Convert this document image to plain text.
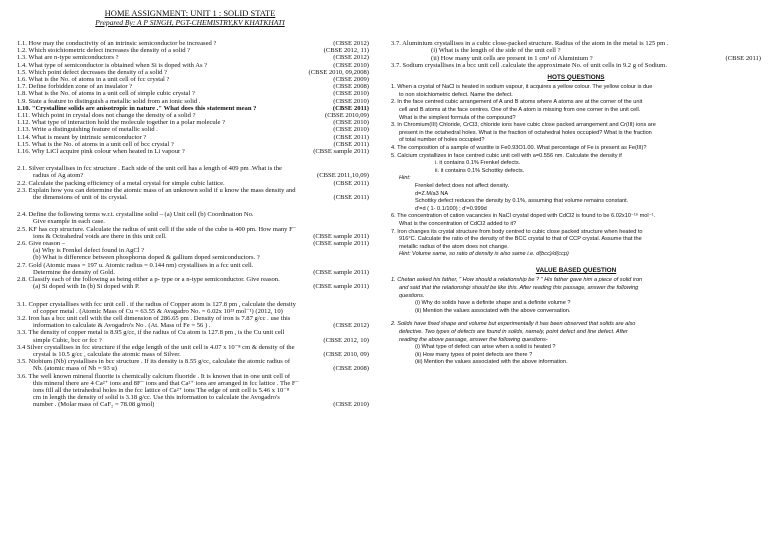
HOME ASSIGNMENT: UNIT 1 : SOLID STATE
Prepared By: A P SINGH, PGT-CHEMISTRY,KV KHATKHATI
1.1. How may the conductivity of an intrinsic semiconductor be increased ?	(CBSE 2012)
1.2. Which stoichiometric defect increases the density of a solid ?	(CBSE 2012, 11)
1.3. What are n-type semiconductors ?	(CBSE 2012)
1.4. What type of semiconductor is obtained when Si is doped with As ?	(CBSE 2010)
1.5. Which point defect decreases the density of a solid ?	(CBSE 2010, 09,2008)
1.6. What is the No. of atoms in a unit cell of fcc crystal ?	(CBSE 2009)
1.7. Define forbidden zone of an insulator ?	(CBSE 2008)
1.8. What is the No. of atoms in a unit cell of simple cubic crystal ?	(CBSE 2010)
1.9. State a feature to distinguish a metallic solid from an ionic solid .	(CBSE 2010)
1.10. "Crystalline solids are anisotropic in nature ." What does this statement mean ?	(CBSE 2011)
1.11. Which point in crystal does not change the density of a solid ?	(CBSE 2010,09)
1.12. What type of interaction hold the molecule together in a polar molecule ?	(CBSE 2010)
1.13. Write a distinguishing feature of metallic solid .	(CBSE 2010)
1.14. What is meant by intrinsic semiconductor ?	(CBSE 2011)
1.15. What is the No. of atoms in a unit cell of bcc crystal ?	(CBSE 2011)
1.16. Why LiCl acquire pink colour when heated in Li vapour ?	(CBSE sample 2011)
2.1. Silver crystallises in fcc structure . Each side of the unit cell has a length of 409 pm .What is the
radius of Ag atom?	(CBSE 2011,10,09)
2.2. Calculate the packing efficiency of a metal crystal for simple cubic lattice.	(CBSE 2011)
2.3. Explain how you can determine the atomic mass of an unknown solid if u know the mass density and
the dimensions of unit of its crystal.	(CBSE 2011)
2.4. Define the following terms w.r.t. crystalline solid – (a) Unit cell (b) Coordination No.
Give example in each case.
2.5. KF has ccp structure. Calculate the radius of unit cell if the side of the cube is 400 pm. How many F⁻
ions & Octrahedral voids are there in this unit cell.	(CBSE sample 2011)
2.6. Give reason –	(CBSE sample 2011)
(a) Why is Frenkel defect found in AgCl ?
(b) What is difference between phosphorus doped & gallium doped semiconductors. ?
2.7. Gold (Atomic mass = 197 u. Atomic radius = 0.144 nm) crystallises in a fcc unit cell.
Determine the density of Gold.	(CBSE sample 2011)
2.8. Classify each of the following as being either a p- type or a n-type semiconductor. Give reason.
(a) Si doped with In (b) Si doped with P.	(CBSE sample 2011)
3.1. Copper crystallises with fcc unit cell . if the radius of Copper atom is 127.8 pm , calculate the density
of copper metal . (Atomic Mass of Cu = 63.55 & Avagadro No. = 6.02x 10²³ mol⁻¹) (2012, 10)
3.2. Iron has a bcc unit cell with the cell dimension of 286.65 pm . Density of iron is 7.87 g/cc . use this
information to calculate & Avogadro's No . (At. Mass of Fe = 56 ) .	(CBSE 2012)
3.3. The density of copper metal is 8.95 g/cc, if the radius of Cu atom is 127.8 pm , is the Cu unit cell
simple Cubic, bcc or fcc ?	(CBSE 2012, 10)
3.4 Silver crystallises in fcc structure if the edge length of the unit cell is 4.07 x 10⁻⁸ cm & density of the
crystal is 10.5 g/cc , calculate the atomic mass of Silver.	(CBSE 2010, 09)
3.5. Niobium (Nb) crystallises in bcc structure . If its density is 8.55 g/cc, calculate the atomic radius of
Nb. (atomic mass of Nb = 93 u)	(CBSE 2008)
3.6. The well known mineral fluorite is chemically calcium fluoride . It is known that in one unit cell of
this mineral there are 4 Ca²⁺ ions and 8F⁻ ions and that Ca²⁺ ions are arranged in fcc lattice . The F⁻
ions fill all the tetrahedral holes in the fcc lattice of Ca²⁺ ions The edge of unit cell is 5.46 x 10⁻⁸
cm in length the density of solid is 3.18 g/cc. Use this information to calculate the Avogadro's
number . (Molar mass of CaF₂ = 78.08 g/mol)	(CBSE 2010)
3.7. Aluminium crystallises in a cubic close-packed structure. Radius of the atom in the metal is 125 pm .
(i) What is the length of the side of the unit cell ?
(ii) How many unit cells are present in 1 cm³ of Aluminium ?	(CBSE 2011)
3.7. Sodium crystallises in a bcc unit cell .calculate the approximate No. of unit cells in 9.2 g of Sodium.
HOTS QUESTIONS
1. When a crystal of NaCl is heated in sodium vapour, it acquires a yellow colour. The yellow colour is due
to non stoichiometric defect. Name the defect.
2. In the face centred cubic arrangement of A and B atoms where A atoms are at the corner of the unit
cell and B atoms at the face centres. One of the A atom is missing from one corner in the unit cell.
What is the simplest formula of the compound?
3. In Chromium(III) Chloride, CrCl3, chloride ions have cubic close packed arrangement and Cr(III) ions are
present in the octahedral holes. What is the fraction of octahedral holes occupied? What is the fraction
of total number of holes occupied?
4. The composition of a sample of wustite is Fe0.93O1.00. What percentage of Fe is present as Fe(III)?
5. Calcium crystallizes in face centred cubic unit cell with a=0.556 nm. Calculate the density if
i. it contains 0.1% Frenkel defects.
ii. it contains 0.1% Schottky defects.
Hint:
Frenkel defect does not affect density.
d=Z.M/a3 NA
Schottky defect reduces the density by 0.1%, assuming that volume remains constant.
d'=d ( 1- 0.1/100) ; d'=0.999d
6. The concentration of cation vacancies in NaCl crystal doped with CdCl2 is found to be 6.02x10⁻¹⁶ mol⁻¹.
What is the concentration of CdCl2 added to it?
7. Iron changes its crystal structure from body centred to cubic close packed structure when heated to
916°C. Calculate the ratio of the density of the BCC crystal to that of CCP crystal. Assume that the
metallic radius of the atom does not change.
Hint: Volume same, so ratio of density is also same i.e. d(bcc)/d(ccp)
VALUE BASED QUESTION
1. Chetan asked his father, " How should a relationship be ? " His father gave him a piece of solid iron
and said that the relationship should be like this. After reading this passage, answer the following
questions.
(i) Why do solids have a definite shape and a definite volume ?
(ii) Mention the values associated with the above conversation.
2. Solids have fixed shape and volume but experimentally it has been observed that solids are also
defective. Two types of defects are found in solids, namely, point defect and line defect. After
reading the above passage, answer the following questions-
(i) What type of defect can arise when a solid is heated ?
(ii) How many types of point defects are there ?
(iii) Mention the values associated with the above information.
